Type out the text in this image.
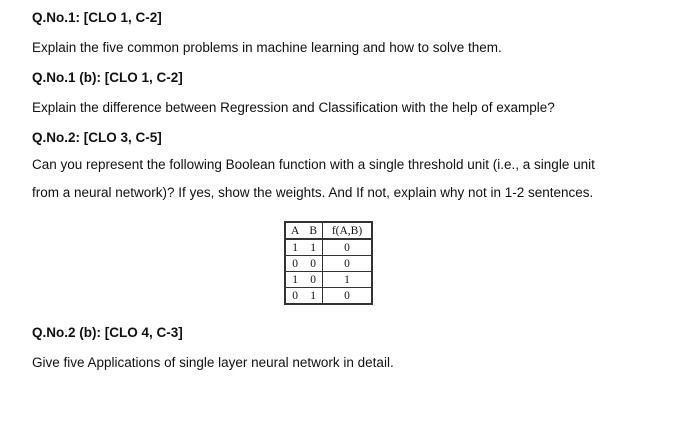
Q.No.1: [CLO 1, C-2]
Explain the five common problems in machine learning and how to solve them.
Q.No.1 (b): [CLO 1, C-2]
Explain the difference between Regression and Classification with the help of example?
Q.No.2: [CLO 3, C-5]
Can you represent the following Boolean function with a single threshold unit (i.e., a single unit
from a neural network)? If yes, show the weights. And If not, explain why not in 1-2 sentences.
A	B	f(A,B)
1	1	0
0	0	0
1	0	1
0	1	0
Q.No.2 (b): [CLO 4, C-3]
Give five Applications of single layer neural network in detail.
